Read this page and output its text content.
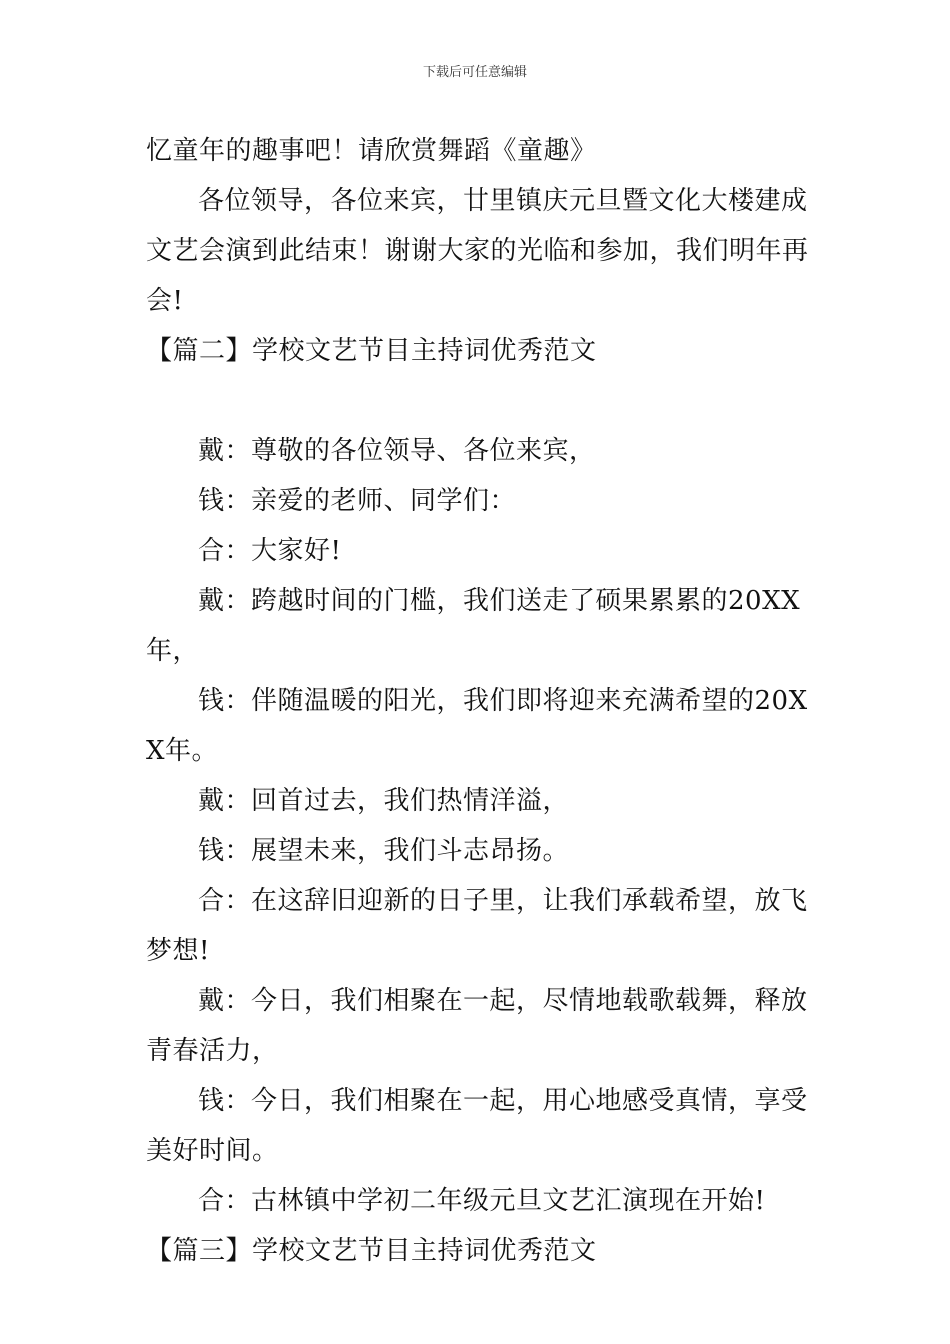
下载后可任意编辑

忆童年的趣事吧！请欣赏舞蹈《童趣》

各位领导，各位来宾，廿里镇庆元旦暨文化大楼建成文艺会演到此结束！谢谢大家的光临和参加，我们明年再会!

【篇二】学校文艺节目主持词优秀范文

戴：尊敬的各位领导、各位来宾，

钱：亲爱的老师、同学们：

合：大家好!

戴：跨越时间的门槛，我们送走了硕果累累的20XX年，

钱：伴随温暖的阳光，我们即将迎来充满希望的20XX年。

戴：回首过去，我们热情洋溢，

钱：展望未来，我们斗志昂扬。

合：在这辞旧迎新的日子里，让我们承载希望，放飞梦想!

戴：今日，我们相聚在一起，尽情地载歌载舞，释放青春活力，

钱：今日，我们相聚在一起，用心地感受真情，享受美好时间。

合：古林镇中学初二年级元旦文艺汇演现在开始!

【篇三】学校文艺节目主持词优秀范文
